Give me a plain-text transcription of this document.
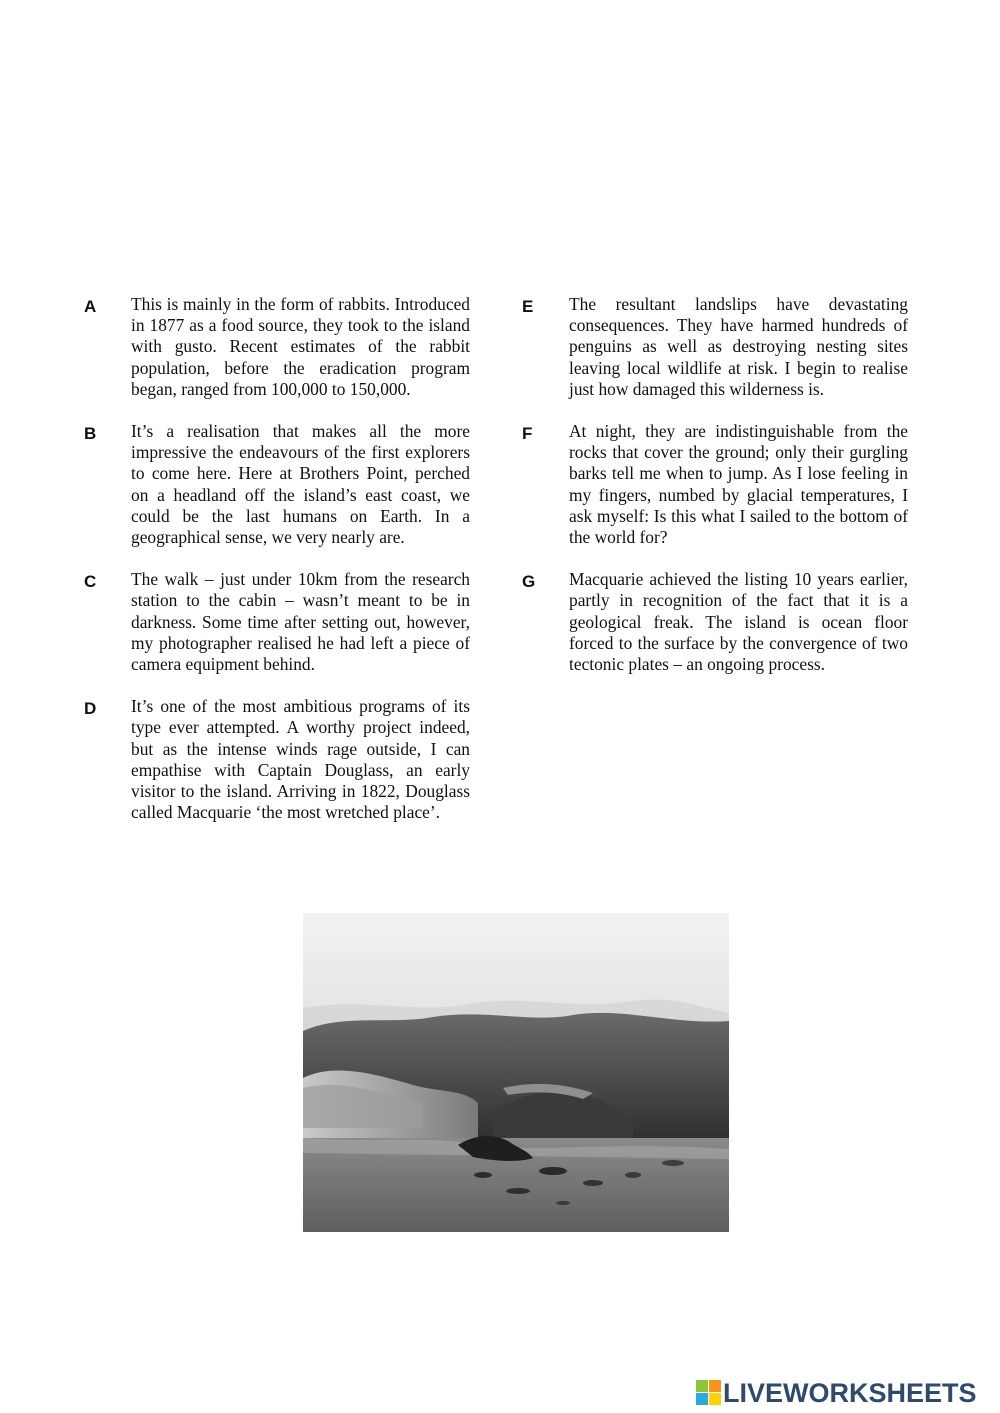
A This is mainly in the form of rabbits. Introduced in 1877 as a food source, they took to the island with gusto. Recent estimates of the rabbit population, before the eradication program began, ranged from 100,000 to 150,000.
B It’s a realisation that makes all the more impressive the endeavours of the first explorers to come here. Here at Brothers Point, perched on a headland off the island’s east coast, we could be the last humans on Earth. In a geographical sense, we very nearly are.
C The walk – just under 10km from the research station to the cabin – wasn’t meant to be in darkness. Some time after setting out, however, my photographer realised he had left a piece of camera equipment behind.
D It’s one of the most ambitious programs of its type ever attempted. A worthy project indeed, but as the intense winds rage outside, I can empathise with Captain Douglass, an early visitor to the island. Arriving in 1822, Douglass called Macquarie ‘the most wretched place’.
E The resultant landslips have devastating consequences. They have harmed hundreds of penguins as well as destroying nesting sites leaving local wildlife at risk. I begin to realise just how damaged this wilderness is.
F At night, they are indistinguishable from the rocks that cover the ground; only their gurgling barks tell me when to jump. As I lose feeling in my fingers, numbed by glacial temperatures, I ask myself: Is this what I sailed to the bottom of the world for?
G Macquarie achieved the listing 10 years earlier, partly in recognition of the fact that it is a geological freak. The island is ocean floor forced to the surface by the convergence of two tectonic plates – an ongoing process.
LIVEWORKSHEETS
